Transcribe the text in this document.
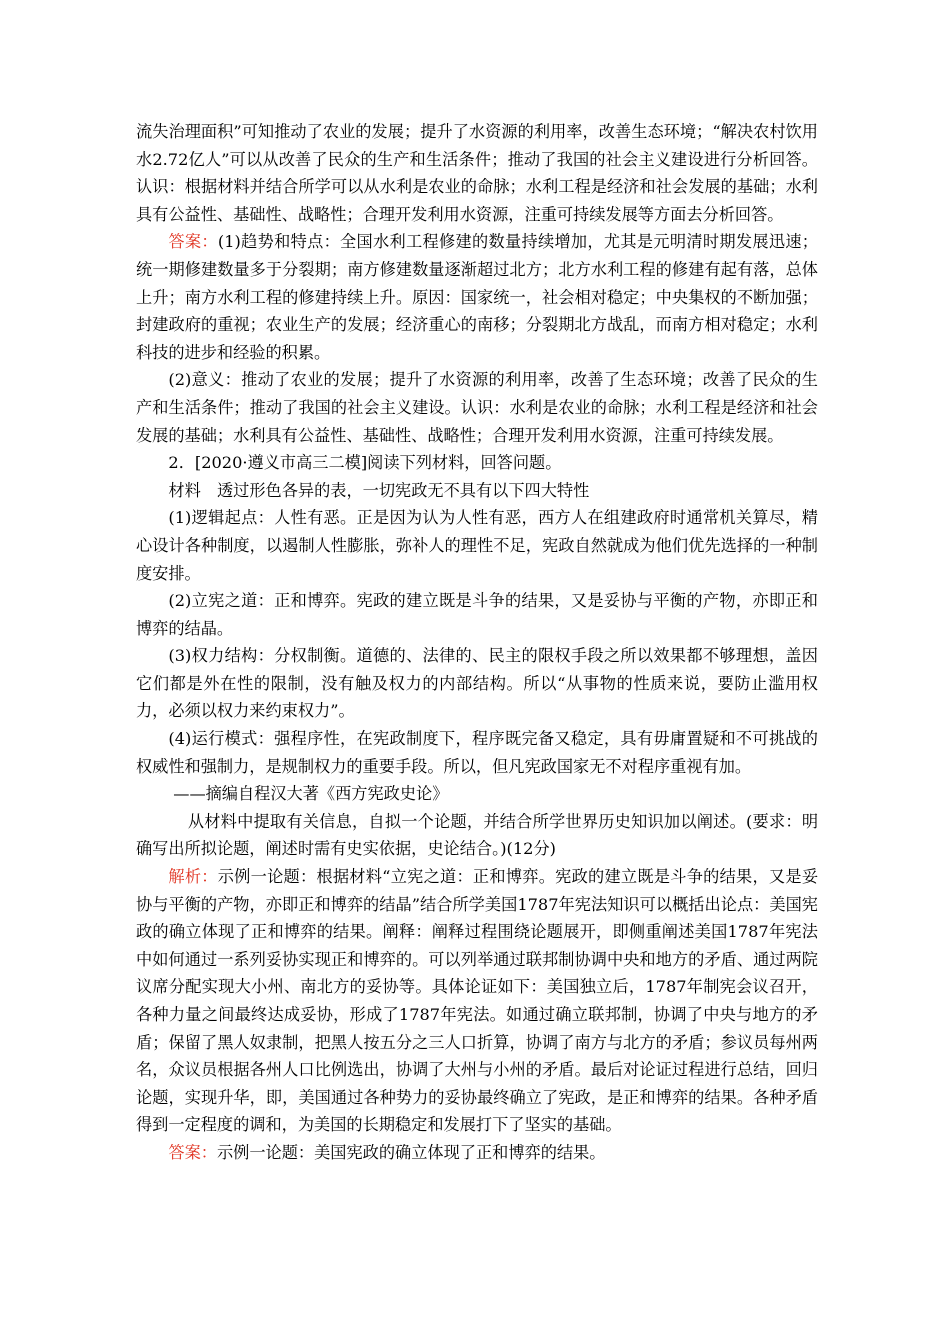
流失治理面积”可知推动了农业的发展；提升了水资源的利用率，改善生态环境；“解决农村饮用水2.72亿人”可以从改善了民众的生产和生活条件；推动了我国的社会主义建设进行分析回答。认识：根据材料并结合所学可以从水利是农业的命脉；水利工程是经济和社会发展的基础；水利具有公益性、基础性、战略性；合理开发利用水资源，注重可持续发展等方面去分析回答。

答案：(1)趋势和特点：全国水利工程修建的数量持续增加，尤其是元明清时期发展迅速；统一期修建数量多于分裂期；南方修建数量逐渐超过北方；北方水利工程的修建有起有落，总体上升；南方水利工程的修建持续上升。原因：国家统一，社会相对稳定；中央集权的不断加强；封建政府的重视；农业生产的发展；经济重心的南移；分裂期北方战乱，而南方相对稳定；水利科技的进步和经验的积累。

(2)意义：推动了农业的发展；提升了水资源的利用率，改善了生态环境；改善了民众的生产和生活条件；推动了我国的社会主义建设。认识：水利是农业的命脉；水利工程是经济和社会发展的基础；水利具有公益性、基础性、战略性；合理开发利用水资源，注重可持续发展。

2．[2020·遵义市高三二模]阅读下列材料，回答问题。

材料　透过形色各异的表，一切宪政无不具有以下四大特性

(1)逻辑起点：人性有恶。正是因为认为人性有恶，西方人在组建政府时通常机关算尽，精心设计各种制度，以遏制人性膨胀，弥补人的理性不足，宪政自然就成为他们优先选择的一种制度安排。

(2)立宪之道：正和博弈。宪政的建立既是斗争的结果，又是妥协与平衡的产物，亦即正和博弈的结晶。

(3)权力结构：分权制衡。道德的、法律的、民主的限权手段之所以效果都不够理想，盖因它们都是外在性的限制，没有触及权力的内部结构。所以“从事物的性质来说，要防止滥用权力，必须以权力来约束权力”。

(4)运行模式：强程序性，在宪政制度下，程序既完备又稳定，具有毋庸置疑和不可挑战的权威性和强制力，是规制权力的重要手段。所以，但凡宪政国家无不对程序重视有加。

——摘编自程汉大著《西方宪政史论》

从材料中提取有关信息，自拟一个论题，并结合所学世界历史知识加以阐述。(要求：明确写出所拟论题，阐述时需有史实依据，史论结合。)(12分)

解析：示例一论题：根据材料“立宪之道：正和博弈。宪政的建立既是斗争的结果，又是妥协与平衡的产物，亦即正和博弈的结晶”结合所学美国1787年宪法知识可以概括出论点：美国宪政的确立体现了正和博弈的结果。阐释：阐释过程围绕论题展开，即侧重阐述美国1787年宪法中如何通过一系列妥协实现正和博弈的。可以列举通过联邦制协调中央和地方的矛盾、通过两院议席分配实现大小州、南北方的妥协等。具体论证如下：美国独立后，1787年制宪会议召开，各种力量之间最终达成妥协，形成了1787年宪法。如通过确立联邦制，协调了中央与地方的矛盾；保留了黑人奴隶制，把黑人按五分之三人口折算，协调了南方与北方的矛盾；参议员每州两名，众议员根据各州人口比例选出，协调了大州与小州的矛盾。最后对论证过程进行总结，回归论题，实现升华，即，美国通过各种势力的妥协最终确立了宪政，是正和博弈的结果。各种矛盾得到一定程度的调和，为美国的长期稳定和发展打下了坚实的基础。

答案：示例一论题：美国宪政的确立体现了正和博弈的结果。
